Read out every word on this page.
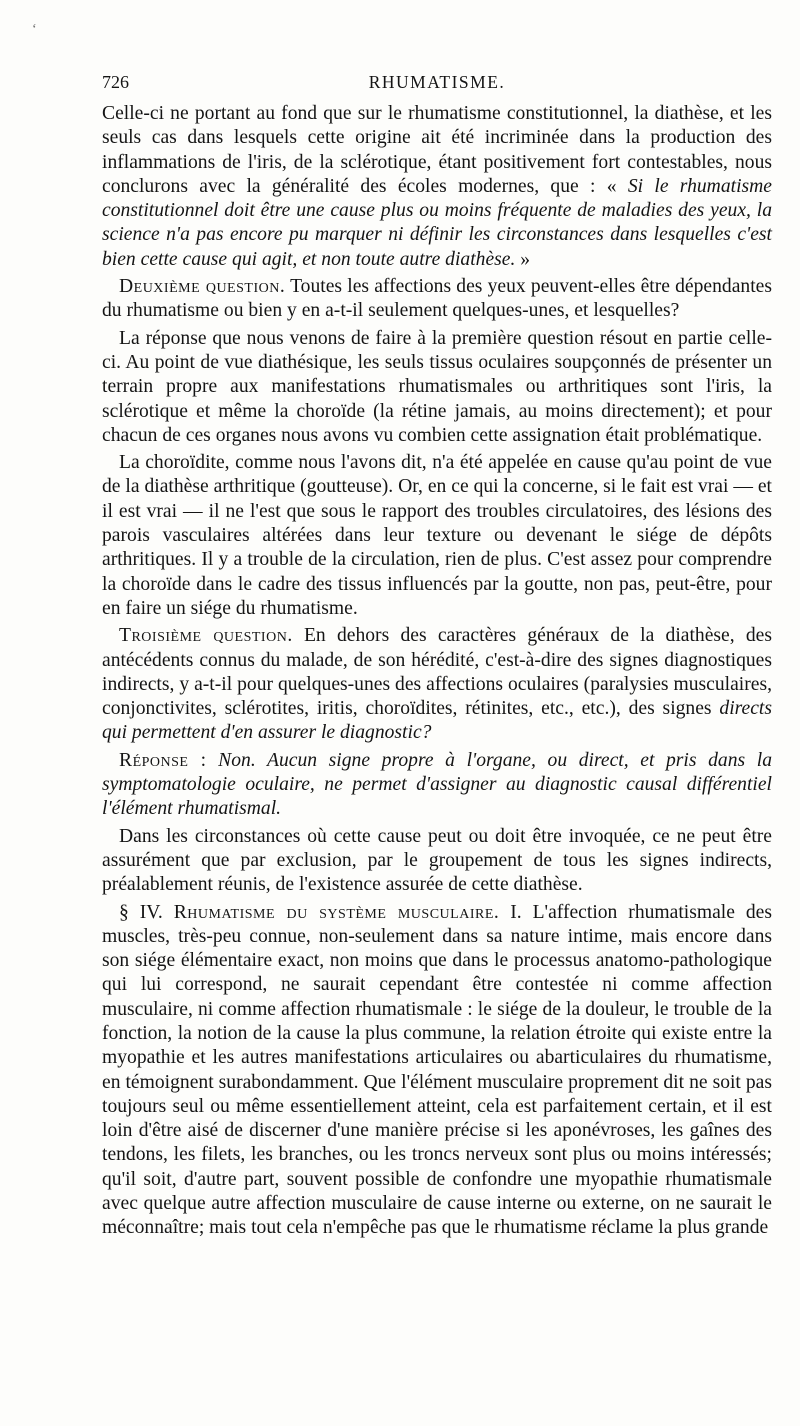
‘
726	RHUMATISME.

Celle-ci ne portant au fond que sur le rhumatisme constitutionnel, la diathèse, et les seuls cas dans lesquels cette origine ait été incriminée dans la production des inflammations de l'iris, de la sclérotique, étant positivement fort contestables, nous conclurons avec la généralité des écoles modernes, que : « Si le rhumatisme constitutionnel doit être une cause plus ou moins fréquente de maladies des yeux, la science n'a pas encore pu marquer ni définir les circonstances dans lesquelles c'est bien cette cause qui agit, et non toute autre diathèse. »

Deuxième question. Toutes les affections des yeux peuvent-elles être dépendantes du rhumatisme ou bien y en a-t-il seulement quelques-unes, et lesquelles?

La réponse que nous venons de faire à la première question résout en partie celle-ci. Au point de vue diathésique, les seuls tissus oculaires soupçonnés de présenter un terrain propre aux manifestations rhumatismales ou arthritiques sont l'iris, la sclérotique et même la choroïde (la rétine jamais, au moins directement); et pour chacun de ces organes nous avons vu combien cette assignation était problématique.

La choroïdite, comme nous l'avons dit, n'a été appelée en cause qu'au point de vue de la diathèse arthritique (goutteuse). Or, en ce qui la concerne, si le fait est vrai — et il est vrai — il ne l'est que sous le rapport des troubles circulatoires, des lésions des parois vasculaires altérées dans leur texture ou devenant le siége de dépôts arthritiques. Il y a trouble de la circulation, rien de plus. C'est assez pour comprendre la choroïde dans le cadre des tissus influencés par la goutte, non pas, peut-être, pour en faire un siége du rhumatisme.

Troisième question. En dehors des caractères généraux de la diathèse, des antécédents connus du malade, de son hérédité, c'est-à-dire des signes diagnostiques indirects, y a-t-il pour quelques-unes des affections oculaires (paralysies musculaires, conjonctivites, sclérotites, iritis, choroïdites, rétinites, etc., etc.), des signes directs qui permettent d'en assurer le diagnostic?

Réponse : Non. Aucun signe propre à l'organe, ou direct, et pris dans la symptomatologie oculaire, ne permet d'assigner au diagnostic causal différentiel l'élément rhumatismal.

Dans les circonstances où cette cause peut ou doit être invoquée, ce ne peut être assurément que par exclusion, par le groupement de tous les signes indirects, préalablement réunis, de l'existence assurée de cette diathèse.

§ IV. Rhumatisme du système musculaire. I. L'affection rhumatismale des muscles, très-peu connue, non-seulement dans sa nature intime, mais encore dans son siége élémentaire exact, non moins que dans le processus anatomo-pathologique qui lui correspond, ne saurait cependant être contestée ni comme affection musculaire, ni comme affection rhumatismale : le siége de la douleur, le trouble de la fonction, la notion de la cause la plus commune, la relation étroite qui existe entre la myopathie et les autres manifestations articulaires ou abarticulaires du rhumatisme, en témoignent surabondamment. Que l'élément musculaire proprement dit ne soit pas toujours seul ou même essentiellement atteint, cela est parfaitement certain, et il est loin d'être aisé de discerner d'une manière précise si les aponévroses, les gaînes des tendons, les filets, les branches, ou les troncs nerveux sont plus ou moins intéressés; qu'il soit, d'autre part, souvent possible de confondre une myopathie rhumatismale avec quelque autre affection musculaire de cause interne ou externe, on ne saurait le méconnaître; mais tout cela n'empêche pas que le rhumatisme réclame la plus grande
